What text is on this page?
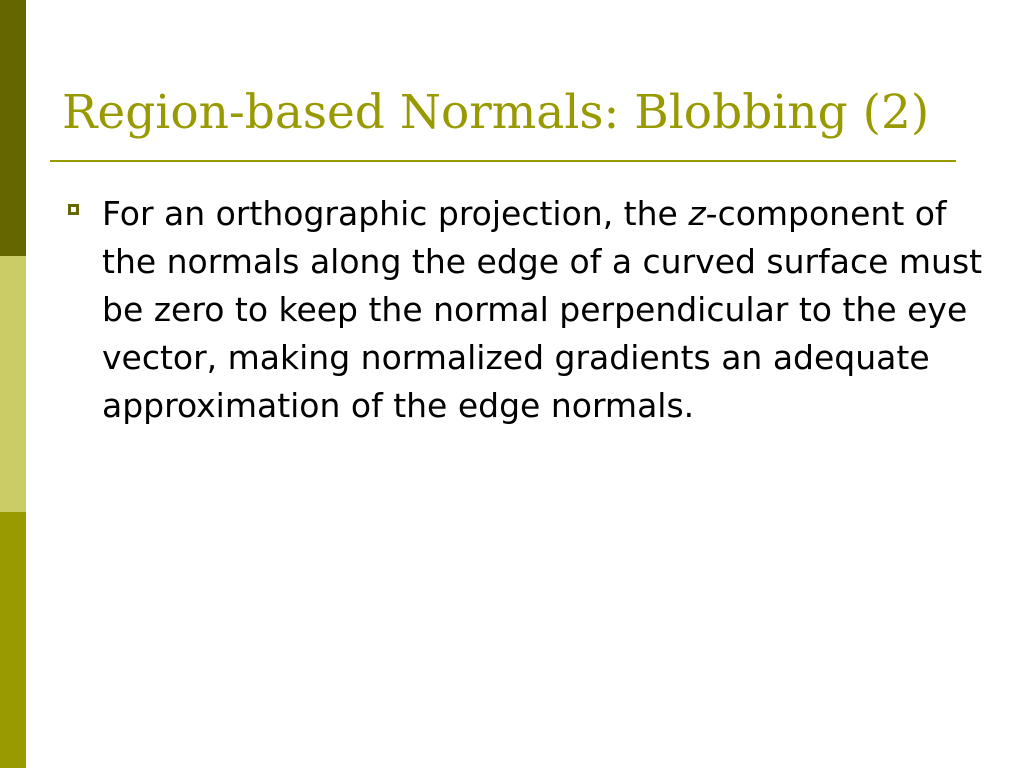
Region-based Normals: Blobbing (2)

For an orthographic projection, the z-component of the normals along the edge of a curved surface must be zero to keep the normal perpendicular to the eye vector, making normalized gradients an adequate approximation of the edge normals.
